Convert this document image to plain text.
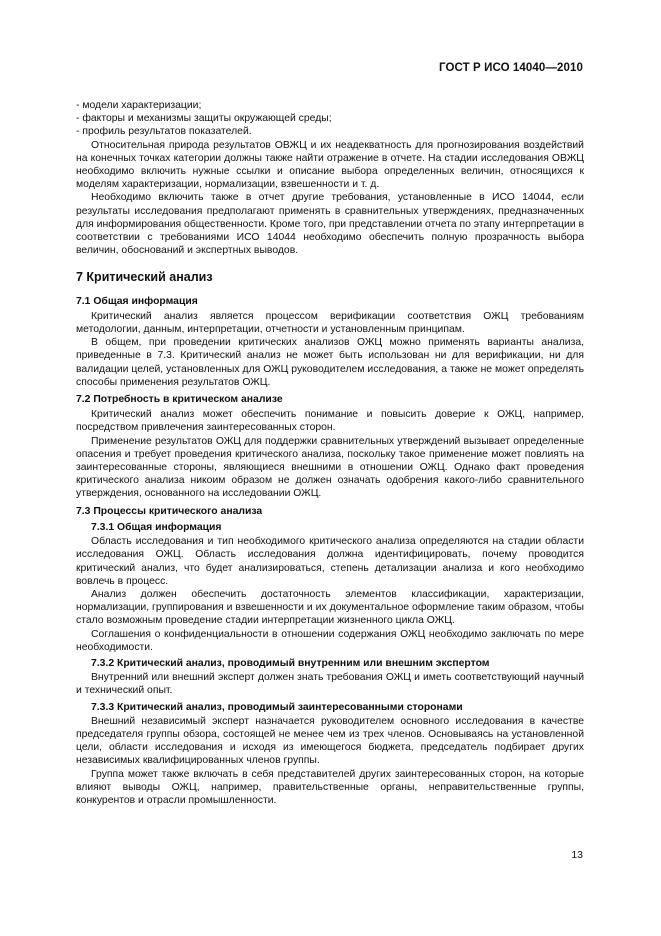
ГОСТ Р ИСО 14040—2010

- модели характеризации;

- факторы и механизмы защиты окружающей среды;

- профиль результатов показателей.

Относительная природа результатов ОВЖЦ и их неадекватность для прогнозирования воздействий на конечных точках категории должны также найти отражение в отчете. На стадии исследования ОВЖЦ необходимо включить нужные ссылки и описание выбора определенных величин, относящихся к моделям характеризации, нормализации, взвешенности и т. д.

Необходимо включить также в отчет другие требования, установленные в ИСО 14044, если результаты исследования предполагают применять в сравнительных утверждениях, предназначенных для информирования общественности. Кроме того, при представлении отчета по этапу интерпретации в соответствии с требованиями ИСО 14044 необходимо обеспечить полную прозрачность выбора величин, обоснований и экспертных выводов.

7 Критический анализ

7.1 Общая информация

Критический анализ является процессом верификации соответствия ОЖЦ требованиям методологии, данным, интерпретации, отчетности и установленным принципам.

В общем, при проведении критических анализов ОЖЦ можно применять варианты анализа, приведенные в 7.3. Критический анализ не может быть использован ни для верификации, ни для валидации целей, установленных для ОЖЦ руководителем исследования, а также не может определять способы применения результатов ОЖЦ.

7.2 Потребность в критическом анализе

Критический анализ может обеспечить понимание и повысить доверие к ОЖЦ, например, посредством привлечения заинтересованных сторон.

Применение результатов ОЖЦ для поддержки сравнительных утверждений вызывает определенные опасения и требует проведения критического анализа, поскольку такое применение может повлиять на заинтересованные стороны, являющиеся внешними в отношении ОЖЦ. Однако факт проведения критического анализа никоим образом не должен означать одобрения какого-либо сравнительного утверждения, основанного на исследовании ОЖЦ.

7.3 Процессы критического анализа

7.3.1 Общая информация

Область исследования и тип необходимого критического анализа определяются на стадии области исследования ОЖЦ. Область исследования должна идентифицировать, почему проводится критический анализ, что будет анализироваться, степень детализации анализа и кого необходимо вовлечь в процесс.

Анализ должен обеспечить достаточность элементов классификации, характеризации, нормализации, группирования и взвешенности и их документальное оформление таким образом, чтобы стало возможным проведение стадии интерпретации жизненного цикла ОЖЦ.

Соглашения о конфиденциальности в отношении содержания ОЖЦ необходимо заключать по мере необходимости.

7.3.2 Критический анализ, проводимый внутренним или внешним экспертом

Внутренний или внешний эксперт должен знать требования ОЖЦ и иметь соответствующий научный и технический опыт.

7.3.3 Критический анализ, проводимый заинтересованными сторонами

Внешний независимый эксперт назначается руководителем основного исследования в качестве председателя группы обзора, состоящей не менее чем из трех членов. Основываясь на установленной цели, области исследования и исходя из имеющегося бюджета, председатель подбирает других независимых квалифицированных членов группы.

Группа может также включать в себя представителей других заинтересованных сторон, на которые влияют выводы ОЖЦ, например, правительственные органы, неправительственные группы, конкурентов и отрасли промышленности.

13
